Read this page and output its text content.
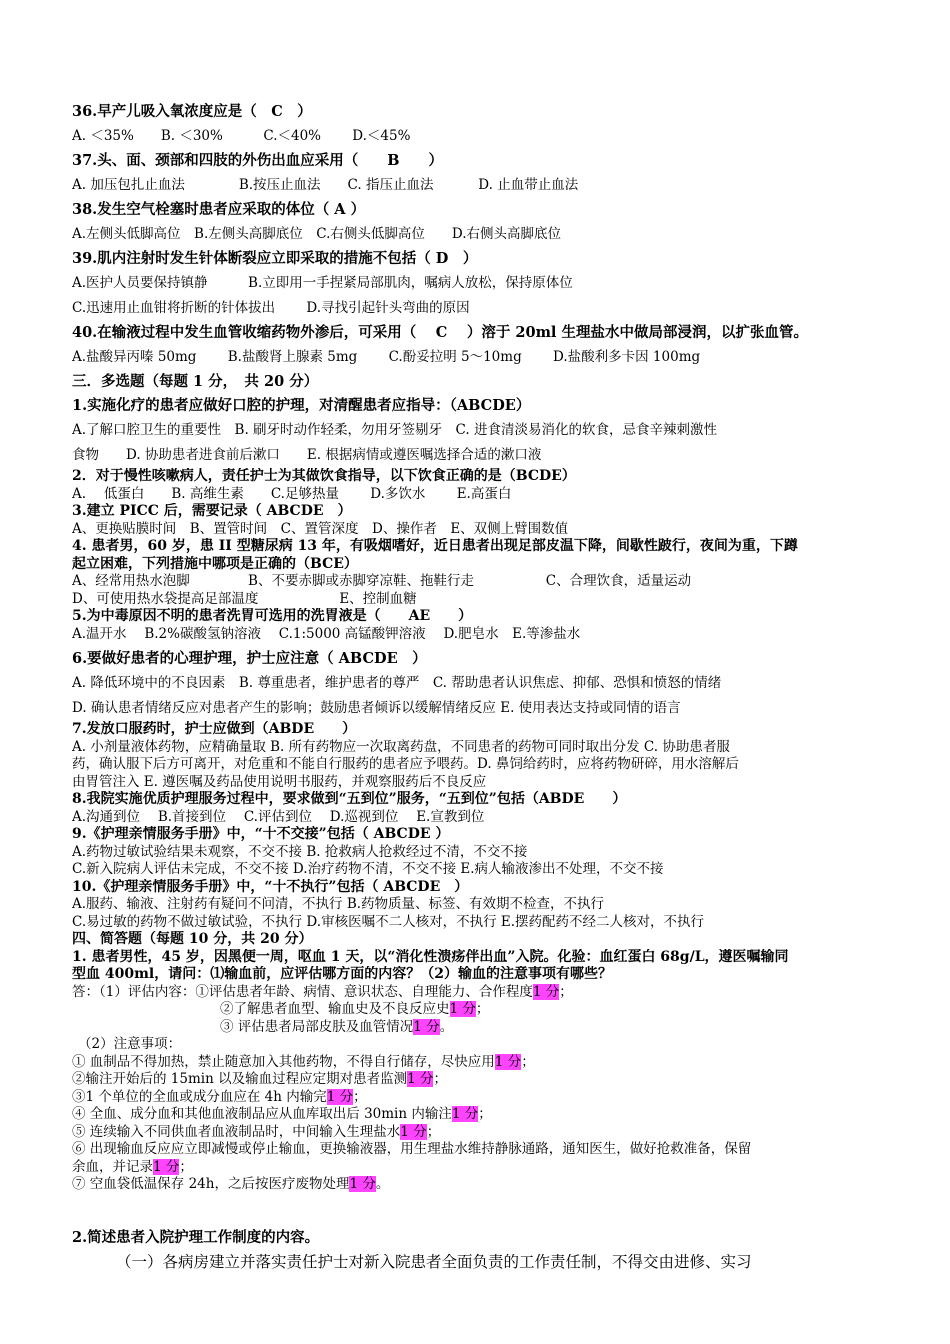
36.早产儿吸入氧浓度应是（　C　）
A. ＜35%　　B. ＜30%　　　C.＜40%　　 D.＜45%
37.头、面、颈部和四肢的外伤出血应采用（　　B　　）
A. 加压包扎止血法　　　　B.按压止血法　　C. 指压止血法　　　 D. 止血带止血法
38.发生空气栓塞时患者应采取的体位（ A ）
A.左侧头低脚高位　B.左侧头高脚底位　C.右侧头低脚高位　　D.右侧头高脚底位
39.肌内注射时发生针体断裂应立即采取的措施不包括（ D　）
A.医护人员要保持镇静　　　B.立即用一手捏紧局部肌肉，嘱病人放松，保持原体位
C.迅速用止血钳将折断的针体拔出　　 D.寻找引起针头弯曲的原因
40.在输液过程中发生血管收缩药物外渗后，可采用（　 C　 ）溶于 20ml 生理盐水中做局部浸润，以扩张血管。
A.盐酸异丙嗪 50mg　　 B.盐酸肾上腺素 5mg　　 C.酚妥拉明 5～10mg　　 D.盐酸利多卡因 100mg
三．多选题（每题 1 分，　共 20 分）
1.实施化疗的患者应做好口腔的护理，对清醒患者应指导：（ABCDE）
A.了解口腔卫生的重要性　B. 刷牙时动作轻柔，勿用牙签剔牙　C. 进食清淡易消化的软食，忌食辛辣刺激性
食物　　D. 协助患者进食前后漱口　　E. 根据病情或遵医嘱选择合适的漱口液
2．对于慢性咳嗽病人，责任护士为其做饮食指导，以下饮食正确的是（BCDE）
A.　 低蛋白　　B. 高维生素　　C.足够热量　　 D.多饮水　　 E.高蛋白
3.建立 PICC 后，需要记录（ ABCDE　）
A、更换贴膜时间　B、置管时间　C、置管深度　D、操作者　E、双侧上臂围数值
4. 患者男，60 岁，患 II 型糖尿病 13 年，有吸烟嗜好，近日患者出现足部皮温下降，间歇性跛行，夜间为重，下蹲
起立困难，下列措施中哪项是正确的（BCE）
A、经常用热水泡脚　　　　 B、不要赤脚或赤脚穿凉鞋、拖鞋行走　　　　　 C、合理饮食，适量运动
D、可使用热水袋提高足部温度　　　　　　E、控制血糖
5.为中毒原因不明的患者洗胃可选用的洗胃液是（　　AE　　）
A.温开水　 B.2%碳酸氢钠溶液　 C.1:5000 高锰酸钾溶液　 D.肥皂水　E.等渗盐水
6.要做好患者的心理护理，护士应注意（ ABCDE　）
A. 降低环境中的不良因素　B. 尊重患者，维护患者的尊严　C. 帮助患者认识焦虑、抑郁、恐惧和愤怒的情绪
D. 确认患者情绪反应对患者产生的影响；鼓励患者倾诉以缓解情绪反应 E. 使用表达支持或同情的语言
7.发放口服药时，护士应做到（ABDE　　）
A. 小剂量液体药物，应精确量取 B. 所有药物应一次取离药盘，不同患者的药物可同时取出分发 C. 协助患者服
药，确认服下后方可离开，对危重和不能自行服药的患者应予喂药。D. 鼻饲给药时，应将药物研碎，用水溶解后
由胃管注入 E. 遵医嘱及药品使用说明书服药，并观察服药后不良反应
8.我院实施优质护理服务过程中，要求做到“五到位”服务，“五到位”包括（ABDE　　）
A.沟通到位　 B.首接到位　 C.评估到位　 D.巡视到位　 E.宣教到位
9.《护理亲情服务手册》中，“十不交接”包括（ ABCDE ）
A.药物过敏试验结果未观察，不交不接 B. 抢救病人抢救经过不清，不交不接
C.新入院病人评估未完成，不交不接 D.治疗药物不清，不交不接 E.病人输液渗出不处理，不交不接
10.《护理亲情服务手册》中，“十不执行”包括（ ABCDE　）
A.服药、输液、注射药有疑问不问清，不执行 B.药物质量、标签、有效期不检查，不执行
C.易过敏的药物不做过敏试验，不执行 D.审核医嘱不二人核对，不执行 E.摆药配药不经二人核对，不执行
四、简答题（每题 10 分，共 20 分）
1. 患者男性，45 岁，因黑便一周，呕血 1 天，以“消化性溃疡伴出血”入院。化验：血红蛋白 68g/L，遵医嘱输同
型血 400ml，请问：⑴输血前，应评估哪方面的内容？（2）输血的注意事项有哪些？
答：（1）评估内容：①评估患者年龄、病情、意识状态、自理能力、合作程度1 分；
②了解患者血型、输血史及不良反应史1 分；
③ 评估患者局部皮肤及血管情况1 分。
（2）注意事项：
① 血制品不得加热，禁止随意加入其他药物，不得自行储存，尽快应用1 分；
②输注开始后的 15min 以及输血过程应定期对患者监测1 分；
③1 个单位的全血或成分血应在 4h 内输完1 分；
④ 全血、成分血和其他血液制品应从血库取出后 30min 内输注1 分；
⑤ 连续输入不同供血者血液制品时，中间输入生理盐水1 分；
⑥ 出现输血反应应立即减慢或停止输血，更换输液器，用生理盐水维持静脉通路，通知医生，做好抢救准备，保留
余血，并记录1 分；
⑦ 空血袋低温保存 24h，之后按医疗废物处理1 分。
2.简述患者入院护理工作制度的内容。
（一）各病房建立并落实责任护士对新入院患者全面负责的工作责任制，不得交由进修、实习
